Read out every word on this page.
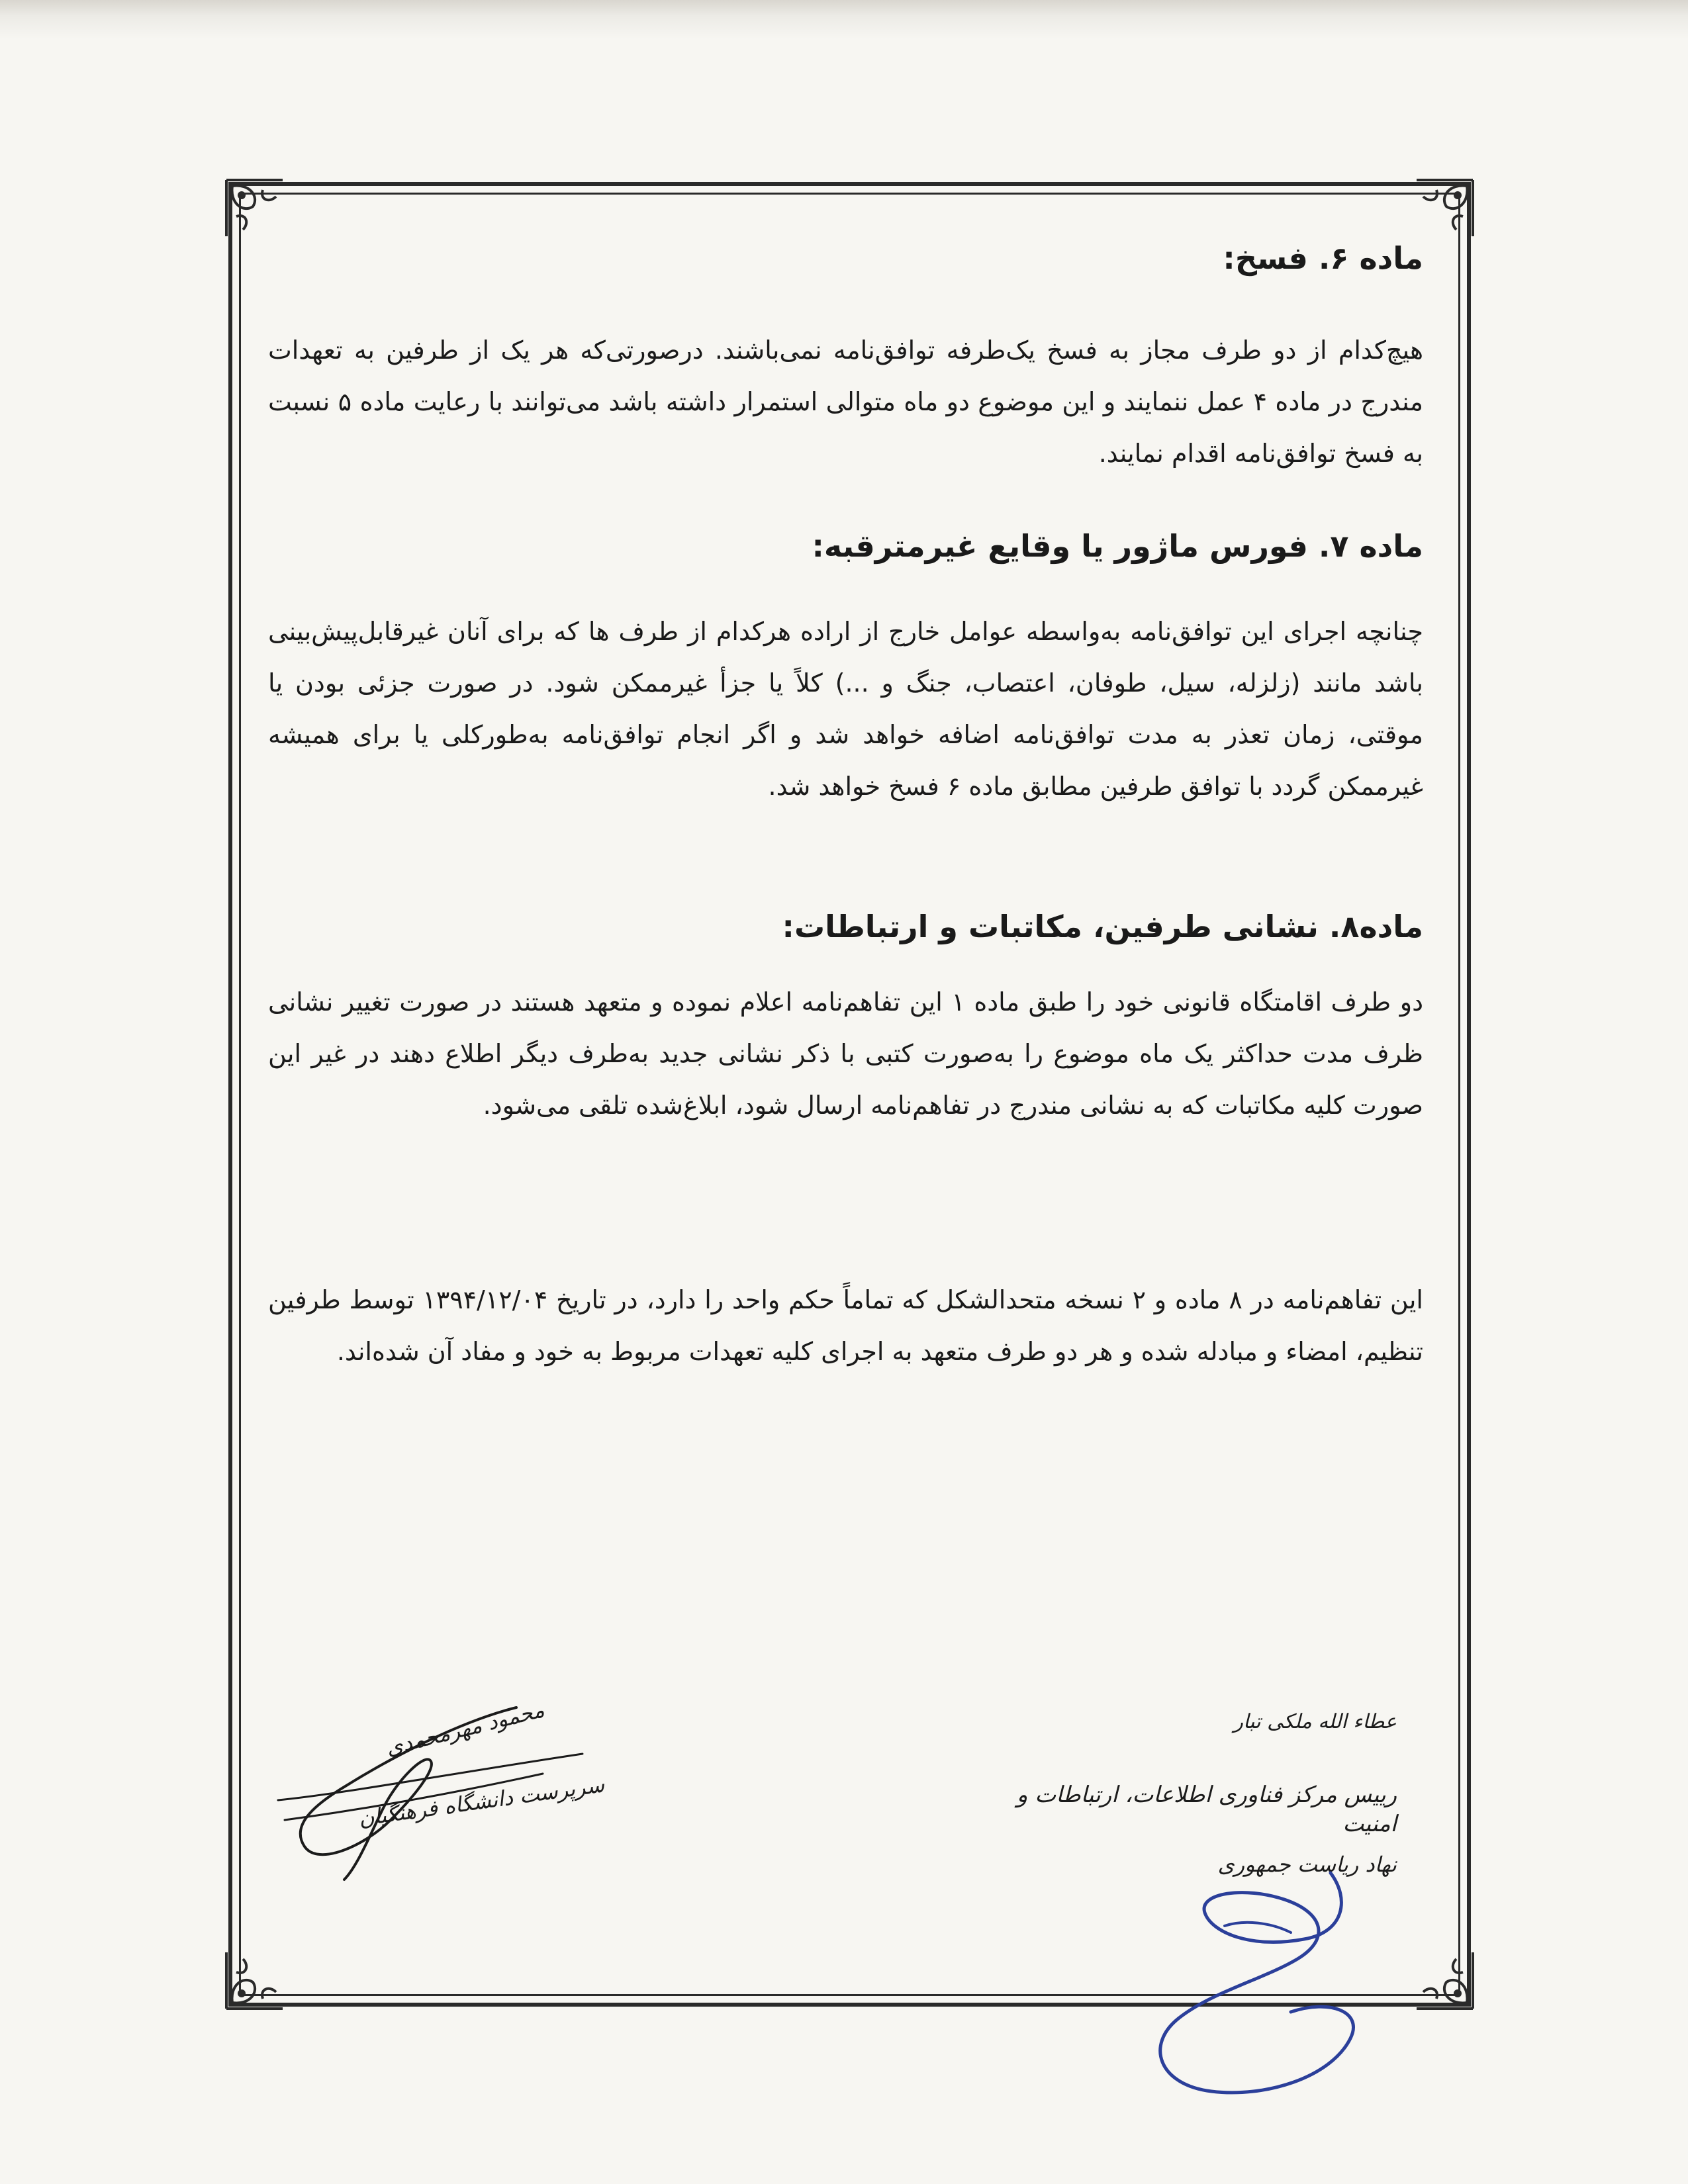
ماده ۶. فسخ:

هیچ‌کدام از دو طرف مجاز به فسخ یک‌طرفه توافق‌نامه نمی‌باشند. درصورتی‌که هر یک از طرفین به تعهدات مندرج در ماده ۴ عمل ننمایند و این موضوع دو ماه متوالی استمرار داشته باشد می‌توانند با رعایت ماده ۵ نسبت به فسخ توافق‌نامه اقدام نمایند.

ماده ۷. فورس ماژور یا وقایع غیرمترقبه:

چنانچه اجرای این توافق‌نامه به‌واسطه عوامل خارج از اراده هرکدام از طرف ها که برای آنان غیرقابل‌پیش‌بینی باشد مانند (زلزله، سیل، طوفان، اعتصاب، جنگ و ...) کلاً یا جزأ غیرممکن شود. در صورت جزئی بودن یا موقتی، زمان تعذر به مدت توافق‌نامه اضافه خواهد شد و اگر انجام توافق‌نامه به‌طورکلی یا برای همیشه غیرممکن گردد با توافق طرفین مطابق ماده ۶ فسخ خواهد شد.

ماده۸. نشانی طرفین، مکاتبات و ارتباطات:

دو طرف اقامتگاه قانونی خود را طبق ماده ۱ این تفاهم‌نامه اعلام نموده و متعهد هستند در صورت تغییر نشانی ظرف مدت حداکثر یک ماه موضوع را به‌صورت کتبی با ذکر نشانی جدید به‌طرف دیگر اطلاع دهند در غیر این صورت کلیه مکاتبات که به نشانی مندرج در تفاهم‌نامه ارسال شود، ابلاغ‌شده تلقی می‌شود.

این تفاهم‌نامه در ۸ ماده و ۲ نسخه متحدالشکل که تماماً حکم واحد را دارد، در تاریخ ۱۳۹۴/۱۲/۰۴ توسط طرفین تنظیم، امضاء و مبادله شده و هر دو طرف متعهد به اجرای کلیه تعهدات مربوط به خود و مفاد آن شده‌اند.

عطاء الله ملکی تبار

رییس مرکز فناوری اطلاعات، ارتباطات و امنیت

نهاد ریاست جمهوری

محمود مهرمحمدی

سرپرست دانشگاه فرهنگیان
